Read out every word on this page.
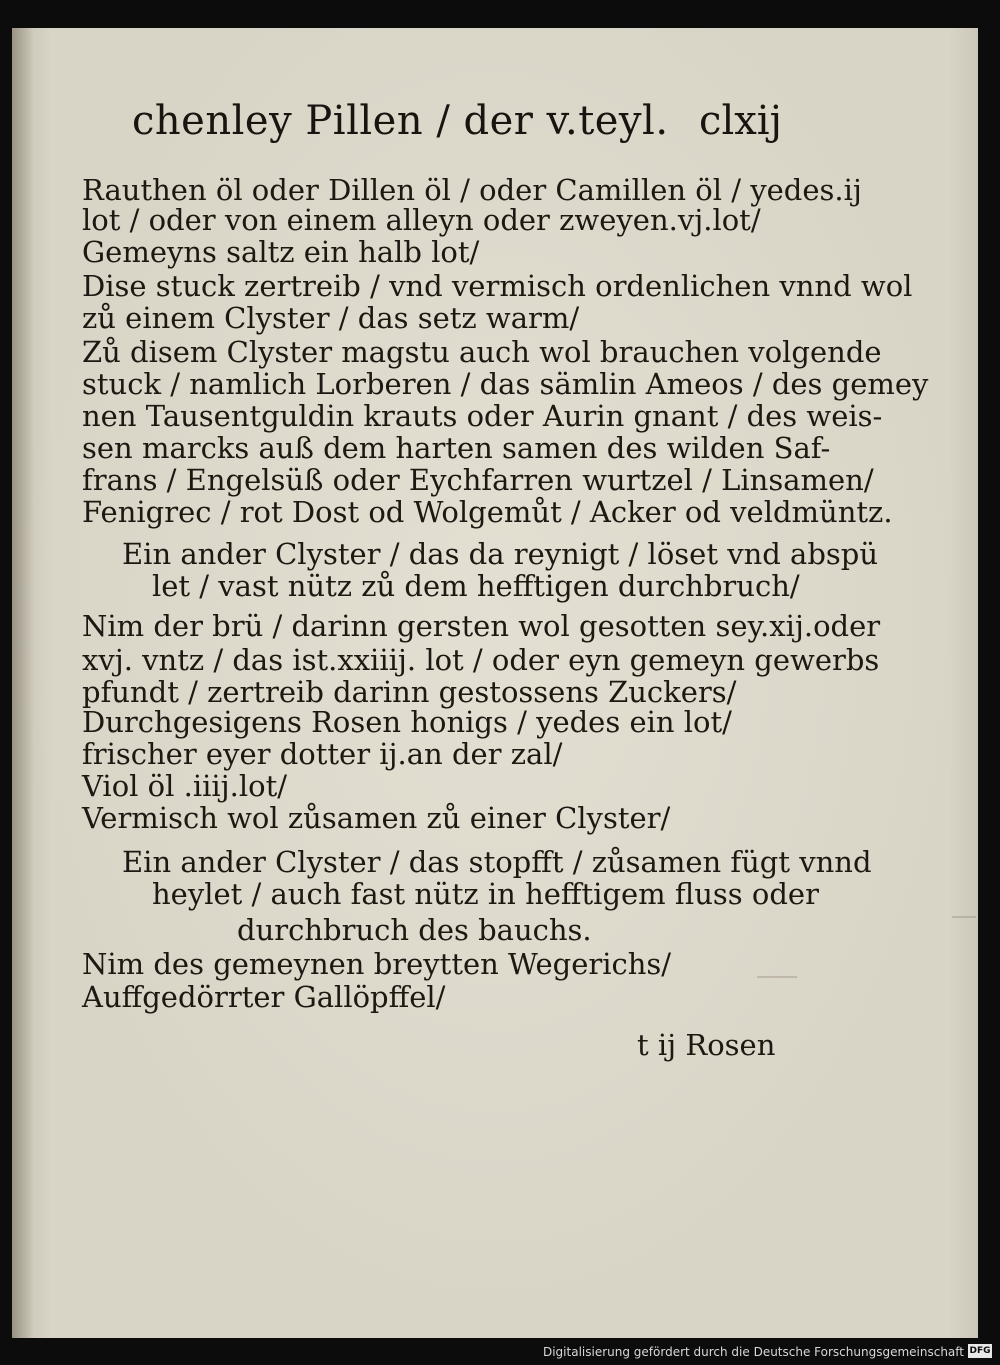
chenley Pillen / der v.teyl. clxij
Rauthen öl oder Dillen öl / oder Camillen öl / yedes.ij
lot / oder von einem alleyn oder zweyen.vj.lot/
Gemeyns saltz ein halb lot/
Dise stuck zertreib / vnd vermisch ordenlichen vnnd wol
zů einem Clyster / das setz warm/
Zů disem Clyster magstu auch wol brauchen volgende
stuck / namlich Lorberen / das sämlin Ameos / des gemey
nen Tausentguldin krauts oder Aurin gnant / des weis-
sen marcks auß dem harten samen des wilden Saf-
frans / Engelsüß oder Eychfarren wurtzel / Linsamen/
Fenigrec / rot Dost od Wolgemůt / Acker od veldmüntz.
Ein ander Clyster / das da reynigt / löset vnd abspü
let / vast nütz zů dem hefftigen durchbruch/
Nim der brü / darinn gersten wol gesotten sey.xij.oder
xvj. vntz / das ist.xxiiij. lot / oder eyn gemeyn gewerbs
pfundt / zertreib darinn gestossens Zuckers/
Durchgesigens Rosen honigs / yedes ein lot/
frischer eyer dotter ij.an der zal/
Viol öl .iiij.lot/
Vermisch wol zůsamen zů einer Clyster/
Ein ander Clyster / das stopfft / zůsamen fügt vnnd
heylet / auch fast nütz in hefftigem fluss oder
durchbruch des bauchs.
Nim des gemeynen breytten Wegerichs/
Auffgedörrter Gallöpffel/
t ij Rosen
Digitalisierung gefördert durch die Deutsche Forschungsgemeinschaft DFG
